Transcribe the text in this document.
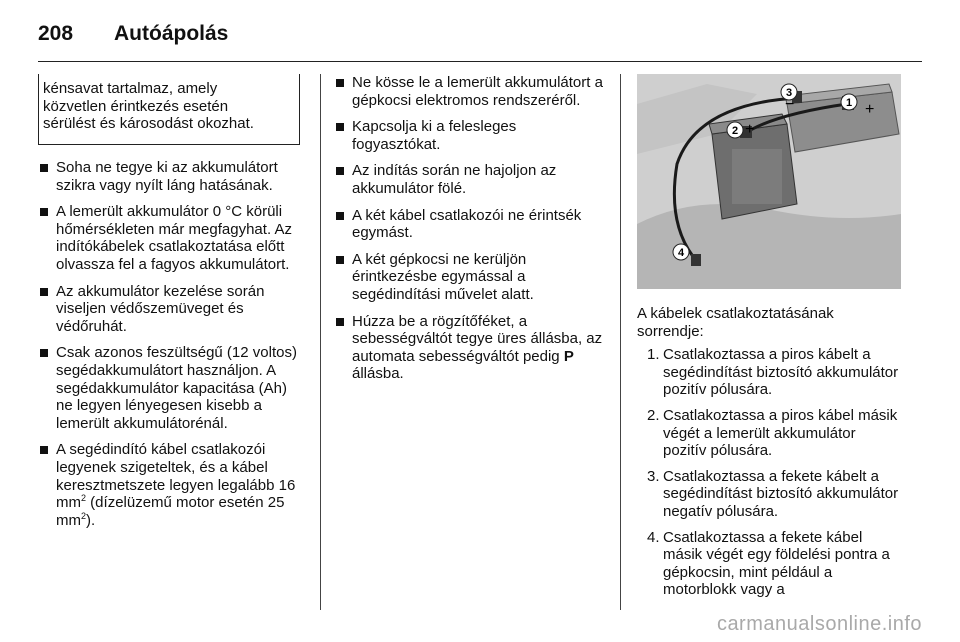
208	Autóápolás
kénsavat tartalmaz, amely
közvetlen érintkezés esetén
sérülést és károsodást okozhat.
Soha ne tegye ki az akkumulátort szikra vagy nyílt láng hatásának.
A lemerült akkumulátor 0 °C körüli hőmérsékleten már megfagyhat. Az indítókábelek csatlakoztatása előtt olvassza fel a fagyos akkumulátort.
Az akkumulátor kezelése során viseljen védőszemüveget és védőruhát.
Csak azonos feszültségű (12 voltos) segédakkumulátort használjon. A segédakkumulátor kapacitása (Ah) ne legyen lényegesen kisebb a lemerült akkumulátorénál.
A segédindító kábel csatlakozói legyenek szigeteltek, és a kábel keresztmetszete legyen legalább 16 $mm^2$ (dízelüzemű motor esetén 25 $mm^2$).
Ne kösse le a lemerült akkumulátort a gépkocsi elektromos rendszeréről.
Kapcsolja ki a felesleges fogyasztókat.
Az indítás során ne hajoljon az akkumulátor fölé.
A két kábel csatlakozói ne érintsék egymást.
A két gépkocsi ne kerüljön érintkezésbe egymással a segédindítási művelet alatt.
Húzza be a rögzítőféket, a sebességváltót tegye üres állásba, az automata sebességváltót pedig P állásba.
1 +
2 +
3
−
4
A kábelek csatlakoztatásának sorrendje:
1. Csatlakoztassa a piros kábelt a segédindítást biztosító akkumulátor pozitív pólusára.
2. Csatlakoztassa a piros kábel másik végét a lemerült akkumulátor pozitív pólusára.
3. Csatlakoztassa a fekete kábelt a segédindítást biztosító akkumulátor negatív pólusára.
4. Csatlakoztassa a fekete kábel másik végét egy földelési pontra a gépkocsin, mint például a motorblokk vagy a
carmanualsonline.info
